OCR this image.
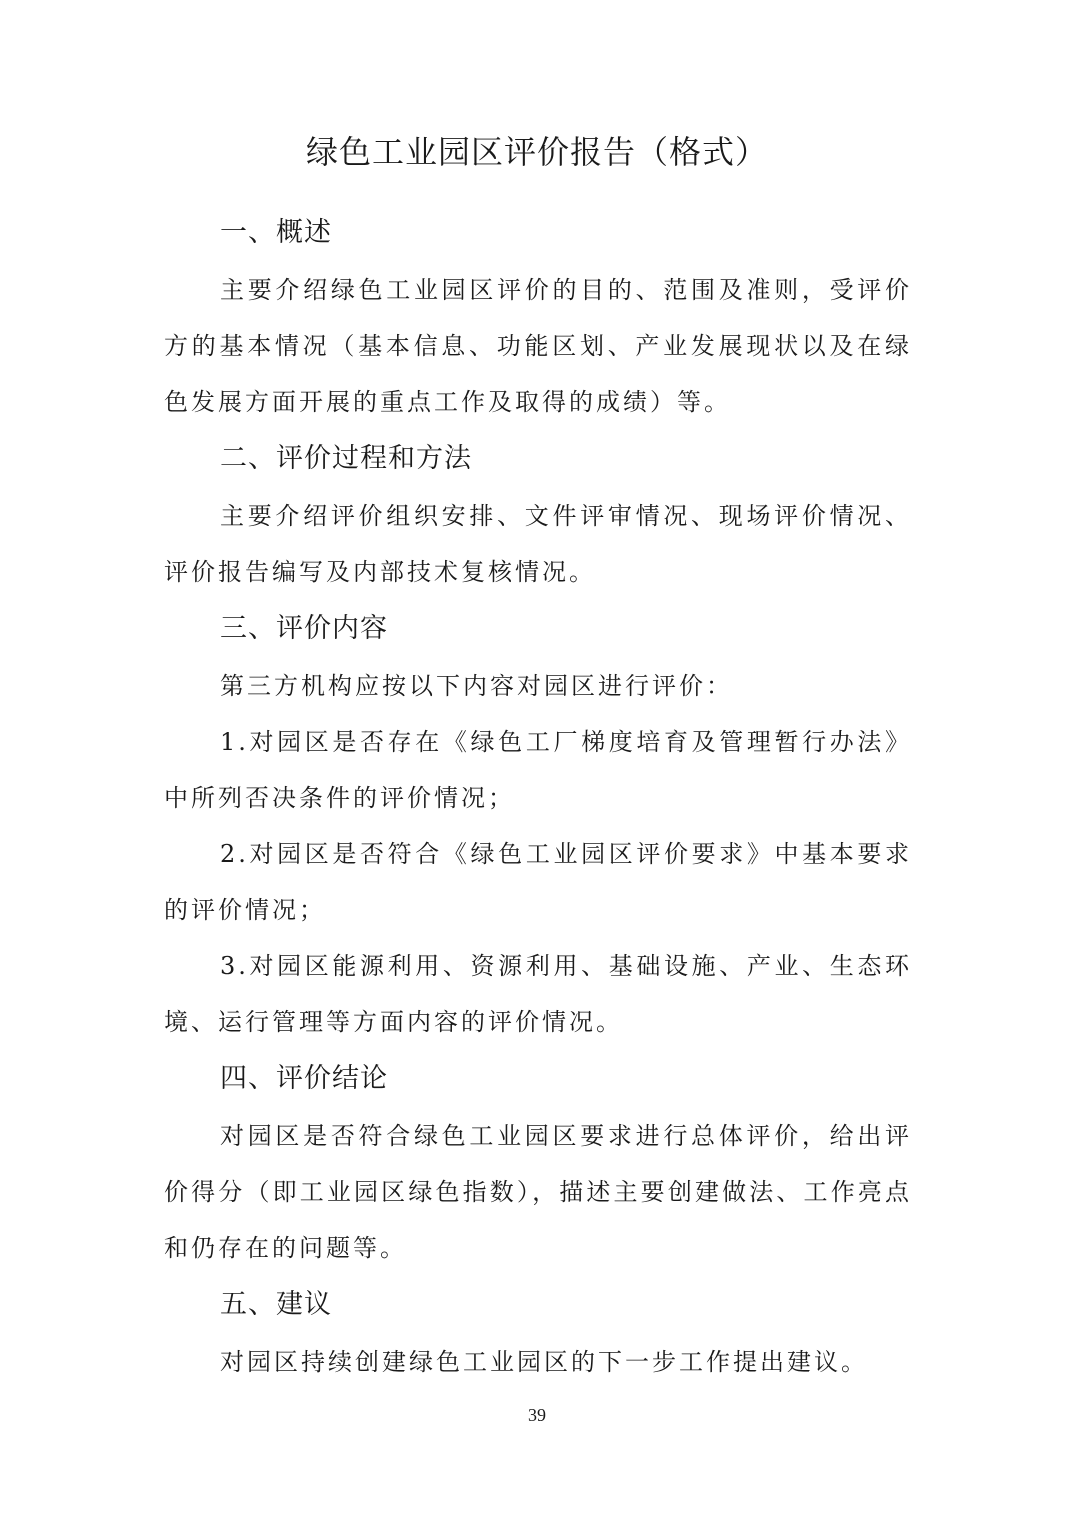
绿色工业园区评价报告（格式）
一、概述

主要介绍绿色工业园区评价的目的、范围及准则，受评价方的基本情况（基本信息、功能区划、产业发展现状以及在绿色发展方面开展的重点工作及取得的成绩）等。

二、评价过程和方法

主要介绍评价组织安排、文件评审情况、现场评价情况、评价报告编写及内部技术复核情况。

三、评价内容

第三方机构应按以下内容对园区进行评价：

1.对园区是否存在《绿色工厂梯度培育及管理暂行办法》中所列否决条件的评价情况；

2.对园区是否符合《绿色工业园区评价要求》中基本要求的评价情况；

3.对园区能源利用、资源利用、基础设施、产业、生态环境、运行管理等方面内容的评价情况。

四、评价结论

对园区是否符合绿色工业园区要求进行总体评价，给出评价得分（即工业园区绿色指数），描述主要创建做法、工作亮点和仍存在的问题等。

五、建议

对园区持续创建绿色工业园区的下一步工作提出建议。

39
